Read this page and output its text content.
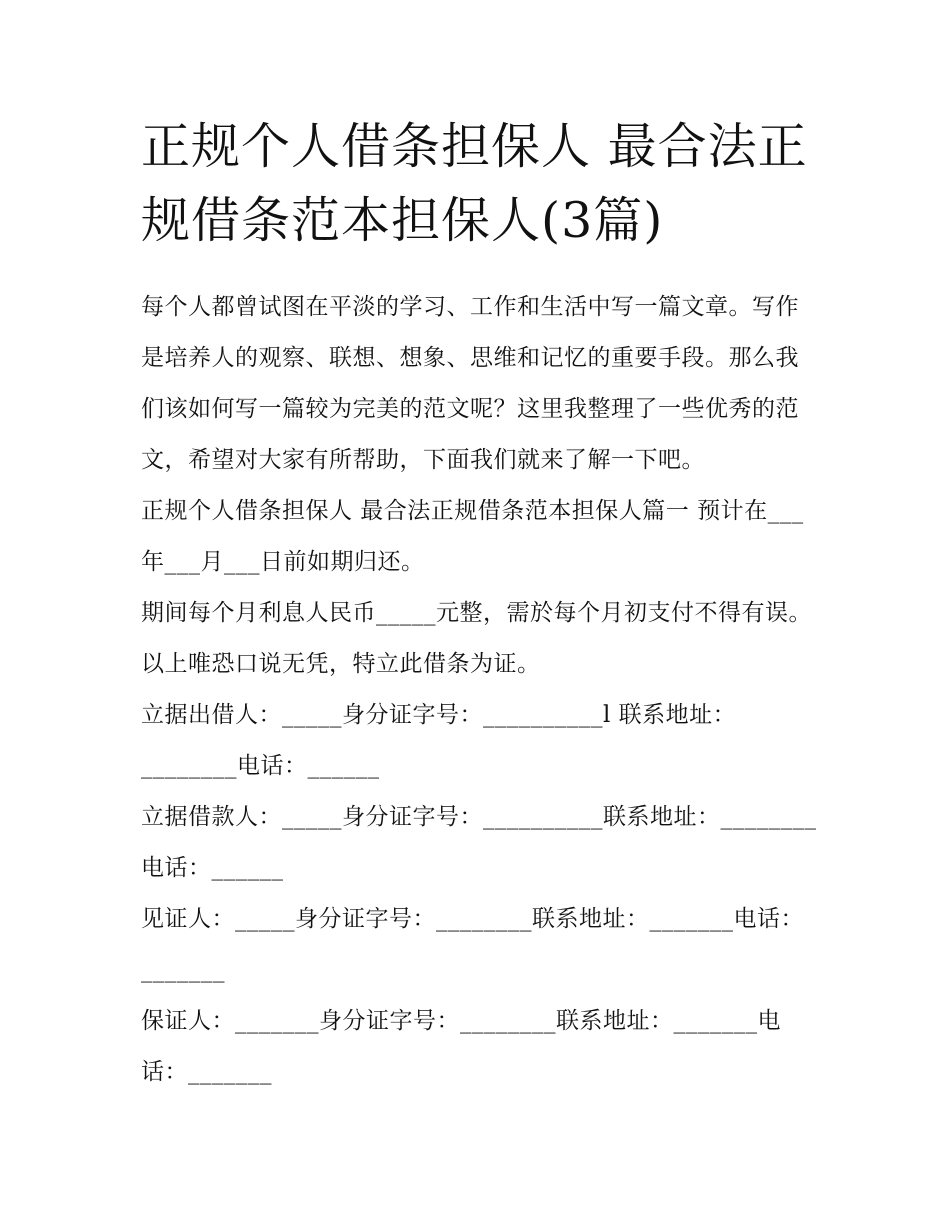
正规个人借条担保人 最合法正规借条范本担保人(3篇)

每个人都曾试图在平淡的学习、工作和生活中写一篇文章。写作是培养人的观察、联想、想象、思维和记忆的重要手段。那么我们该如何写一篇较为完美的范文呢？这里我整理了一些优秀的范文，希望对大家有所帮助，下面我们就来了解一下吧。

正规个人借条担保人 最合法正规借条范本担保人篇一 预计在___年___月___日前如期归还。

期间每个月利息人民币_____元整，需於每个月初支付不得有误。以上唯恐口说无凭，特立此借条为证。

立据出借人：_____身分证字号：__________l 联系地址：________电话：______

立据借款人：_____身分证字号：__________联系地址：________电话：______

见证人：_____身分证字号：________联系地址：_______电话：_______

保证人：_______身分证字号：________联系地址：_______电话：_______
